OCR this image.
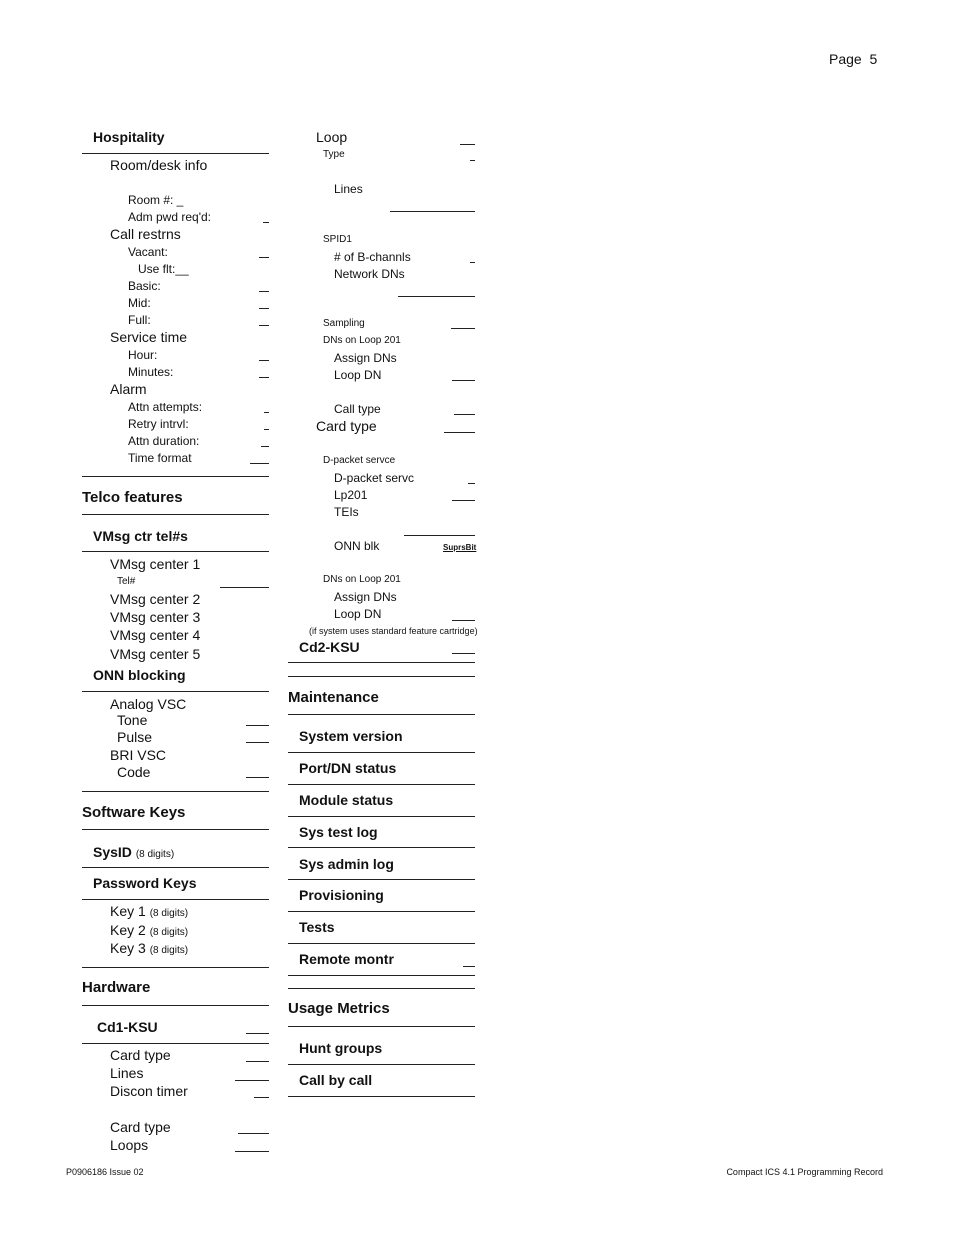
Page 5
Hospitality
Room/desk info
Room #: _
Adm pwd req'd:
Call restrns
Vacant:
Use flt:__
Basic:
Mid:
Full:
Service time
Hour:
Minutes:
Alarm
Attn attempts:
Retry intrvl:
Attn duration:
Time format
Telco features
VMsg ctr tel#s
VMsg center 1
Tel#
VMsg center 2
VMsg center 3
VMsg center 4
VMsg center 5
ONN blocking
Analog VSC
Tone
Pulse
BRI VSC
Code
Software Keys
SysID (8 digits)
Password Keys
Key 1 (8 digits)
Key 2 (8 digits)
Key 3 (8 digits)
Hardware
Cd1-KSU
Card type
Lines
Discon timer
Card type
Loops
Loop
Type
Lines
SPID1
# of B-channls
Network DNs
Sampling
DNs on Loop 201
Assign DNs
Loop DN
Call type
Card type
D-packet servce
D-packet servc
Lp201
TEIs
ONN blk	SuprsBit
DNs on Loop 201
Assign DNs
Loop DN
(if system uses standard feature cartridge)
Cd2-KSU
Maintenance
System version
Port/DN status
Module status
Sys test log
Sys admin log
Provisioning
Tests
Remote montr
Usage Metrics
Hunt groups
Call by call
P0906186 Issue 02	Compact ICS 4.1 Programming Record
